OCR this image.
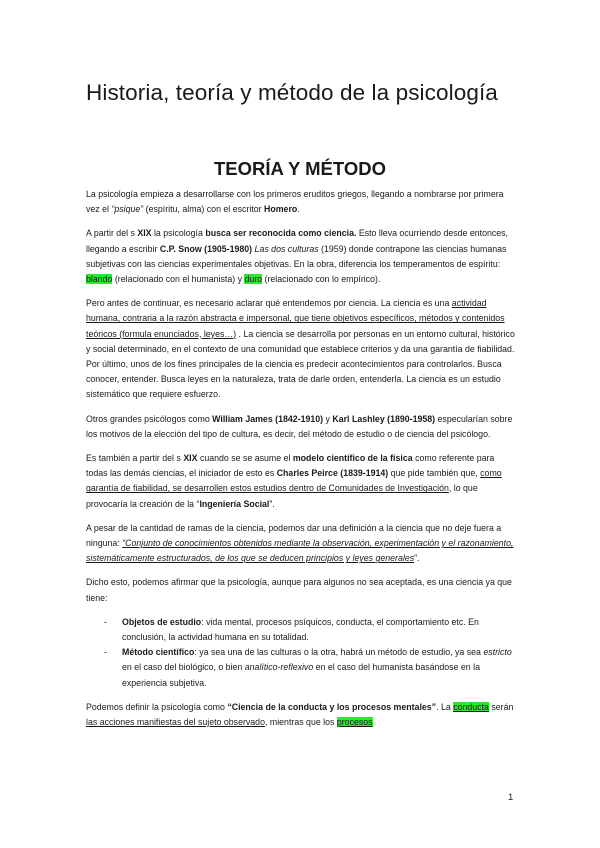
Historia, teoría y método de la psicología
TEORÍA Y MÉTODO

La psicología empieza a desarrollarse con los primeros eruditos griegos, llegando a nombrarse por primera vez el “psique” (espíritu, alma) con el escritor Homero.

A partir del s XIX la psicología busca ser reconocida como ciencia. Esto lleva ocurriendo desde entonces, llegando a escribir C.P. Snow (1905-1980) Las dos culturas (1959) donde contrapone las ciencias humanas subjetivas con las ciencias experimentales objetivas. En la obra, diferencia los temperamentos de espíritu: blando (relacionado con el humanista) y duro (relacionado con lo empírico).

Pero antes de continuar, es necesario aclarar qué entendemos por ciencia. La ciencia es una actividad humana, contraria a la razón abstracta e impersonal, que tiene objetivos específicos, métodos y contenidos teóricos (formula enunciados, leyes…) . La ciencia se desarrolla por personas en un entorno cultural, histórico y social determinado, en el contexto de una comunidad que establece criterios y da una garantía de fiabilidad. Por último, unos de los fines principales de la ciencia es predecir acontecimientos para controlarlos. Busca conocer, entender. Busca leyes en la naturaleza, trata de darle orden, entenderla. La ciencia es un estudio sistemático que requiere esfuerzo.

Otros grandes psicólogos como William James (1842-1910) y Karl Lashley (1890-1958) especularían sobre los motivos de la elección del tipo de cultura, es decir, del método de estudio o de ciencia del psicólogo.

Es también a partir del s XIX cuando se se asume el modelo científico de la física como referente para todas las demás ciencias, el iniciador de esto es Charles Peirce (1839-1914) que pide también que, como garantía de fiabilidad, se desarrollen estos estudios dentro de Comunidades de Investigación, lo que provocaría la creación de la “Ingeniería Social”.

A pesar de la cantidad de ramas de la ciencia, podemos dar una definición a la ciencia que no deje fuera a ninguna: “Conjunto de conocimientos obtenidos mediante la observación, experimentación y el razonamiento, sistemáticamente estructurados, de los que se deducen principios y leyes generales”.

Dicho esto, podemos afirmar que la psicología, aunque para algunos no sea aceptada, es una ciencia ya que tiene:

- Objetos de estudio: vida mental, procesos psíquicos, conducta, el comportamiento etc. En conclusión, la actividad humana en su totalidad.
- Método científico: ya sea una de las culturas o la otra, habrá un método de estudio, ya sea estricto en el caso del biológico, o bien analítico-reflexivo en el caso del humanista basándose en la experiencia subjetiva.

Podemos definir la psicología como “Ciencia de la conducta y los procesos mentales”. La conducta serán las acciones manifiestas del sujeto observado, mientras que los procesos

1
